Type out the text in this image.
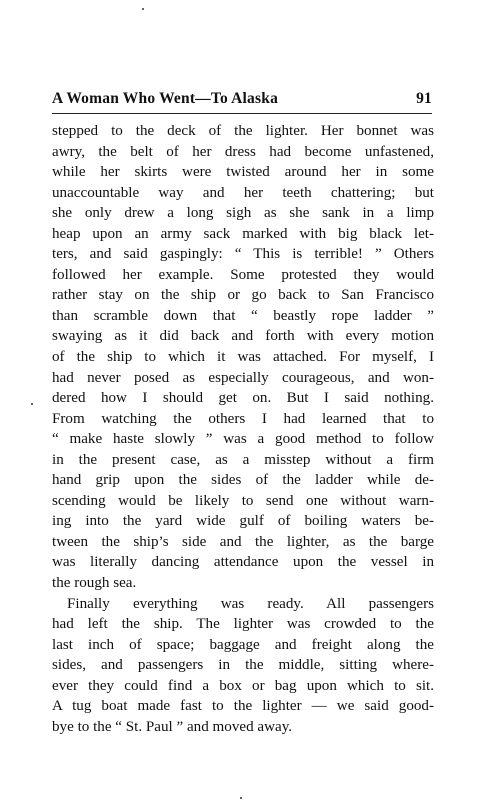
A Woman Who Went—To Alaska	91
stepped to the deck of the lighter. Her bonnet was
awry, the belt of her dress had become unfastened,
while her skirts were twisted around her in some
unaccountable way and her teeth chattering; but
she only drew a long sigh as she sank in a limp
heap upon an army sack marked with big black let-
ters, and said gaspingly: “ This is terrible! ” Others
followed her example. Some protested they would
rather stay on the ship or go back to San Francisco
than scramble down that “ beastly rope ladder ”
swaying as it did back and forth with every motion
of the ship to which it was attached. For myself, I
had never posed as especially courageous, and won-
dered how I should get on. But I said nothing.
From watching the others I had learned that to
“ make haste slowly ” was a good method to follow
in the present case, as a misstep without a firm
hand grip upon the sides of the ladder while de-
scending would be likely to send one without warn-
ing into the yard wide gulf of boiling waters be-
tween the ship’s side and the lighter, as the barge
was literally dancing attendance upon the vessel in
the rough sea.
Finally everything was ready. All passengers
had left the ship. The lighter was crowded to the
last inch of space; baggage and freight along the
sides, and passengers in the middle, sitting where-
ever they could find a box or bag upon which to sit.
A tug boat made fast to the lighter — we said good-
bye to the “ St. Paul ” and moved away.
